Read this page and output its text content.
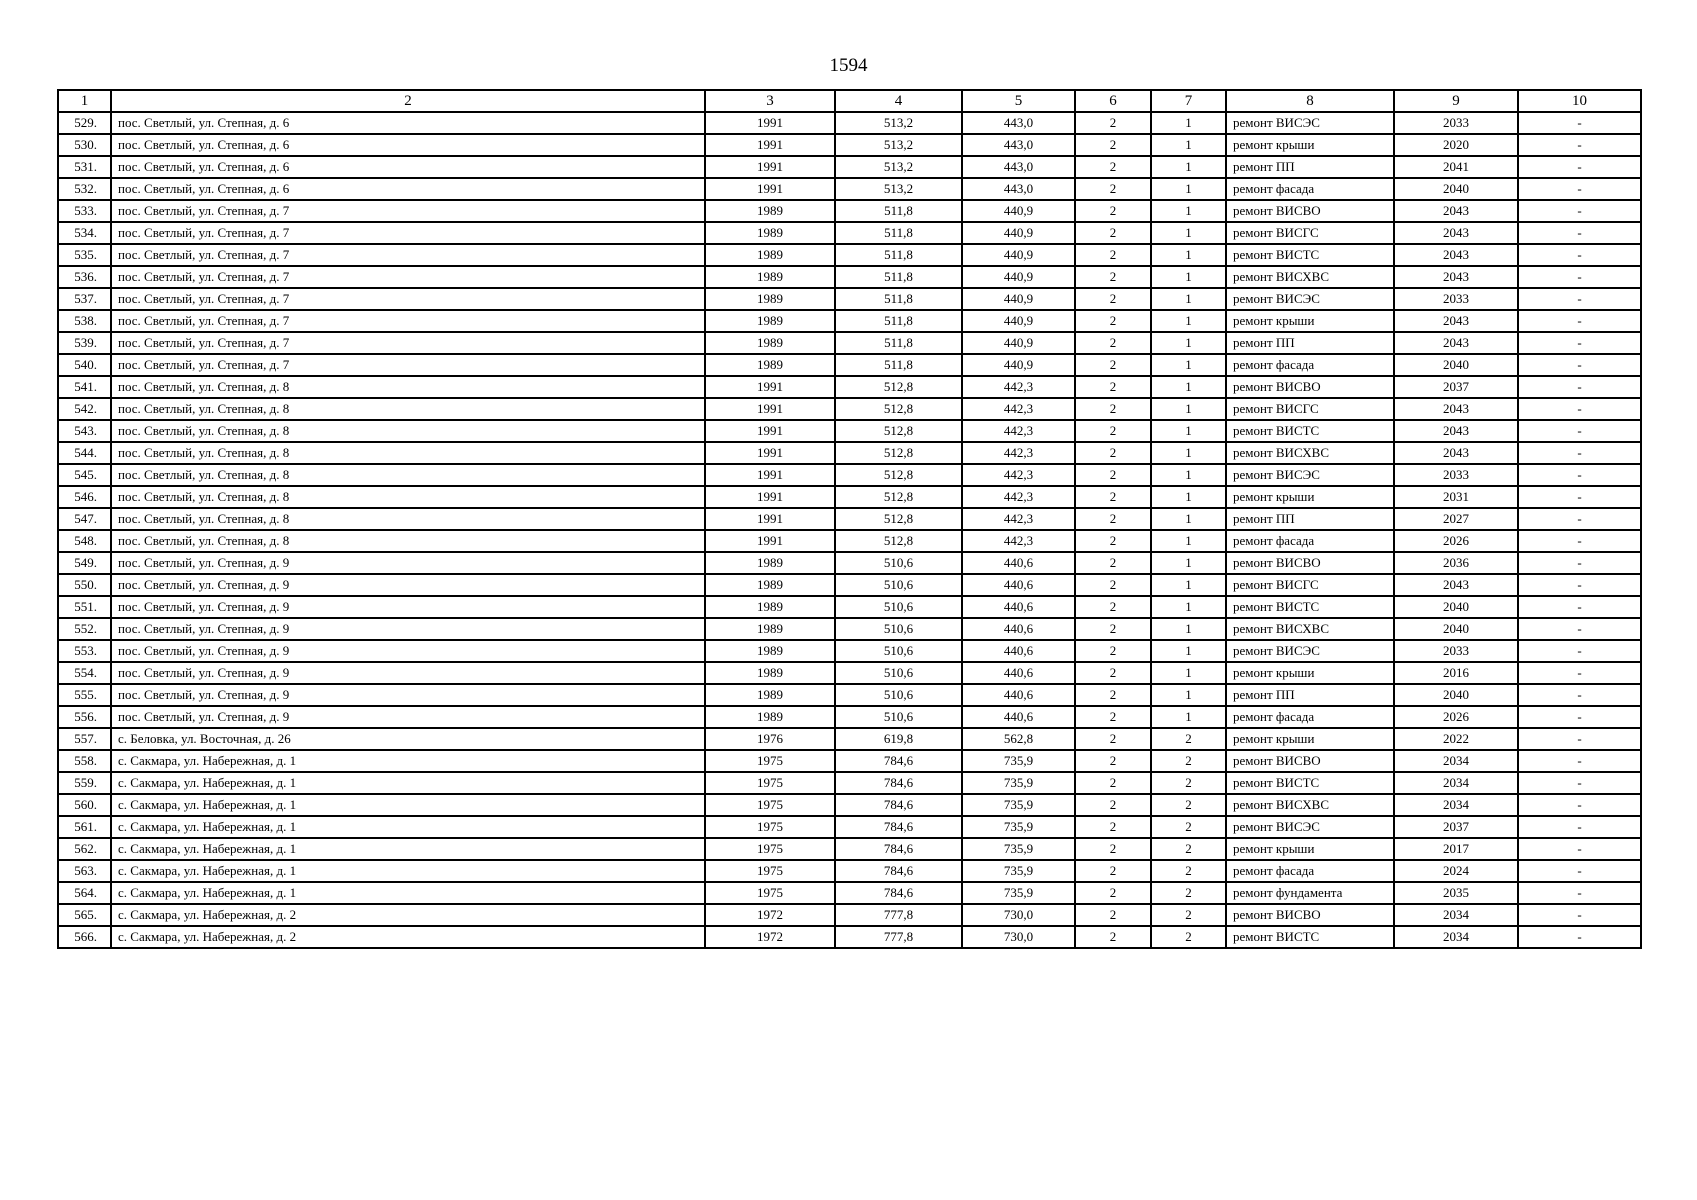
1594
1	2	3	4	5	6	7	8	9	10
529.	пос. Светлый, ул. Степная, д. 6	1991	513,2	443,0	2	1	ремонт ВИСЭС	2033	-
530.	пос. Светлый, ул. Степная, д. 6	1991	513,2	443,0	2	1	ремонт крыши	2020	-
531.	пос. Светлый, ул. Степная, д. 6	1991	513,2	443,0	2	1	ремонт ПП	2041	-
532.	пос. Светлый, ул. Степная, д. 6	1991	513,2	443,0	2	1	ремонт фасада	2040	-
533.	пос. Светлый, ул. Степная, д. 7	1989	511,8	440,9	2	1	ремонт ВИСВО	2043	-
534.	пос. Светлый, ул. Степная, д. 7	1989	511,8	440,9	2	1	ремонт ВИСГС	2043	-
535.	пос. Светлый, ул. Степная, д. 7	1989	511,8	440,9	2	1	ремонт ВИСТС	2043	-
536.	пос. Светлый, ул. Степная, д. 7	1989	511,8	440,9	2	1	ремонт ВИСХВС	2043	-
537.	пос. Светлый, ул. Степная, д. 7	1989	511,8	440,9	2	1	ремонт ВИСЭС	2033	-
538.	пос. Светлый, ул. Степная, д. 7	1989	511,8	440,9	2	1	ремонт крыши	2043	-
539.	пос. Светлый, ул. Степная, д. 7	1989	511,8	440,9	2	1	ремонт ПП	2043	-
540.	пос. Светлый, ул. Степная, д. 7	1989	511,8	440,9	2	1	ремонт фасада	2040	-
541.	пос. Светлый, ул. Степная, д. 8	1991	512,8	442,3	2	1	ремонт ВИСВО	2037	-
542.	пос. Светлый, ул. Степная, д. 8	1991	512,8	442,3	2	1	ремонт ВИСГС	2043	-
543.	пос. Светлый, ул. Степная, д. 8	1991	512,8	442,3	2	1	ремонт ВИСТС	2043	-
544.	пос. Светлый, ул. Степная, д. 8	1991	512,8	442,3	2	1	ремонт ВИСХВС	2043	-
545.	пос. Светлый, ул. Степная, д. 8	1991	512,8	442,3	2	1	ремонт ВИСЭС	2033	-
546.	пос. Светлый, ул. Степная, д. 8	1991	512,8	442,3	2	1	ремонт крыши	2031	-
547.	пос. Светлый, ул. Степная, д. 8	1991	512,8	442,3	2	1	ремонт ПП	2027	-
548.	пос. Светлый, ул. Степная, д. 8	1991	512,8	442,3	2	1	ремонт фасада	2026	-
549.	пос. Светлый, ул. Степная, д. 9	1989	510,6	440,6	2	1	ремонт ВИСВО	2036	-
550.	пос. Светлый, ул. Степная, д. 9	1989	510,6	440,6	2	1	ремонт ВИСГС	2043	-
551.	пос. Светлый, ул. Степная, д. 9	1989	510,6	440,6	2	1	ремонт ВИСТС	2040	-
552.	пос. Светлый, ул. Степная, д. 9	1989	510,6	440,6	2	1	ремонт ВИСХВС	2040	-
553.	пос. Светлый, ул. Степная, д. 9	1989	510,6	440,6	2	1	ремонт ВИСЭС	2033	-
554.	пос. Светлый, ул. Степная, д. 9	1989	510,6	440,6	2	1	ремонт крыши	2016	-
555.	пос. Светлый, ул. Степная, д. 9	1989	510,6	440,6	2	1	ремонт ПП	2040	-
556.	пос. Светлый, ул. Степная, д. 9	1989	510,6	440,6	2	1	ремонт фасада	2026	-
557.	с. Беловка, ул. Восточная, д. 26	1976	619,8	562,8	2	2	ремонт крыши	2022	-
558.	с. Сакмара, ул. Набережная, д. 1	1975	784,6	735,9	2	2	ремонт ВИСВО	2034	-
559.	с. Сакмара, ул. Набережная, д. 1	1975	784,6	735,9	2	2	ремонт ВИСТС	2034	-
560.	с. Сакмара, ул. Набережная, д. 1	1975	784,6	735,9	2	2	ремонт ВИСХВС	2034	-
561.	с. Сакмара, ул. Набережная, д. 1	1975	784,6	735,9	2	2	ремонт ВИСЭС	2037	-
562.	с. Сакмара, ул. Набережная, д. 1	1975	784,6	735,9	2	2	ремонт крыши	2017	-
563.	с. Сакмара, ул. Набережная, д. 1	1975	784,6	735,9	2	2	ремонт фасада	2024	-
564.	с. Сакмара, ул. Набережная, д. 1	1975	784,6	735,9	2	2	ремонт фундамента	2035	-
565.	с. Сакмара, ул. Набережная, д. 2	1972	777,8	730,0	2	2	ремонт ВИСВО	2034	-
566.	с. Сакмара, ул. Набережная, д. 2	1972	777,8	730,0	2	2	ремонт ВИСТС	2034	-
